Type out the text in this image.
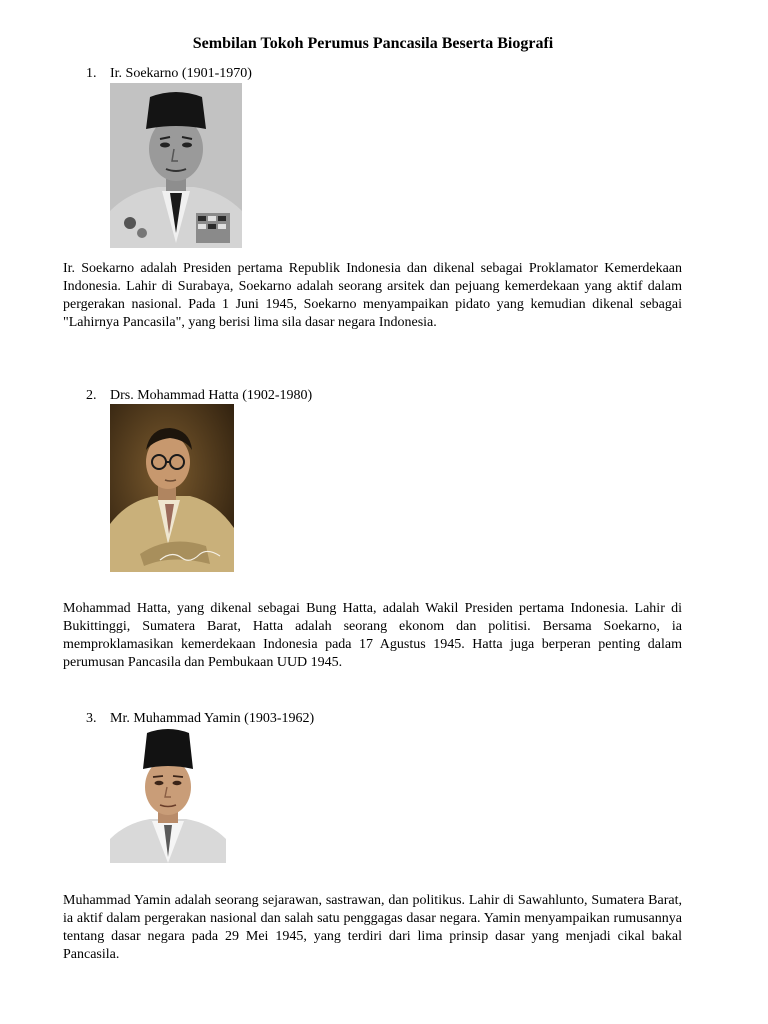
Sembilan Tokoh Perumus Pancasila Beserta Biografi
1. Ir. Soekarno (1901-1970)

Ir. Soekarno adalah Presiden pertama Republik Indonesia dan dikenal sebagai Proklamator Kemerdekaan Indonesia. Lahir di Surabaya, Soekarno adalah seorang arsitek dan pejuang kemerdekaan yang aktif dalam pergerakan nasional. Pada 1 Juni 1945, Soekarno menyampaikan pidato yang kemudian dikenal sebagai "Lahirnya Pancasila", yang berisi lima sila dasar negara Indonesia.

2. Drs. Mohammad Hatta (1902-1980)

Mohammad Hatta, yang dikenal sebagai Bung Hatta, adalah Wakil Presiden pertama Indonesia. Lahir di Bukittinggi, Sumatera Barat, Hatta adalah seorang ekonom dan politisi. Bersama Soekarno, ia memproklamasikan kemerdekaan Indonesia pada 17 Agustus 1945. Hatta juga berperan penting dalam perumusan Pancasila dan Pembukaan UUD 1945.

3. Mr. Muhammad Yamin (1903-1962)

Muhammad Yamin adalah seorang sejarawan, sastrawan, dan politikus. Lahir di Sawahlunto, Sumatera Barat, ia aktif dalam pergerakan nasional dan salah satu penggagas dasar negara. Yamin menyampaikan rumusannya tentang dasar negara pada 29 Mei 1945, yang terdiri dari lima prinsip dasar yang menjadi cikal bakal Pancasila.
